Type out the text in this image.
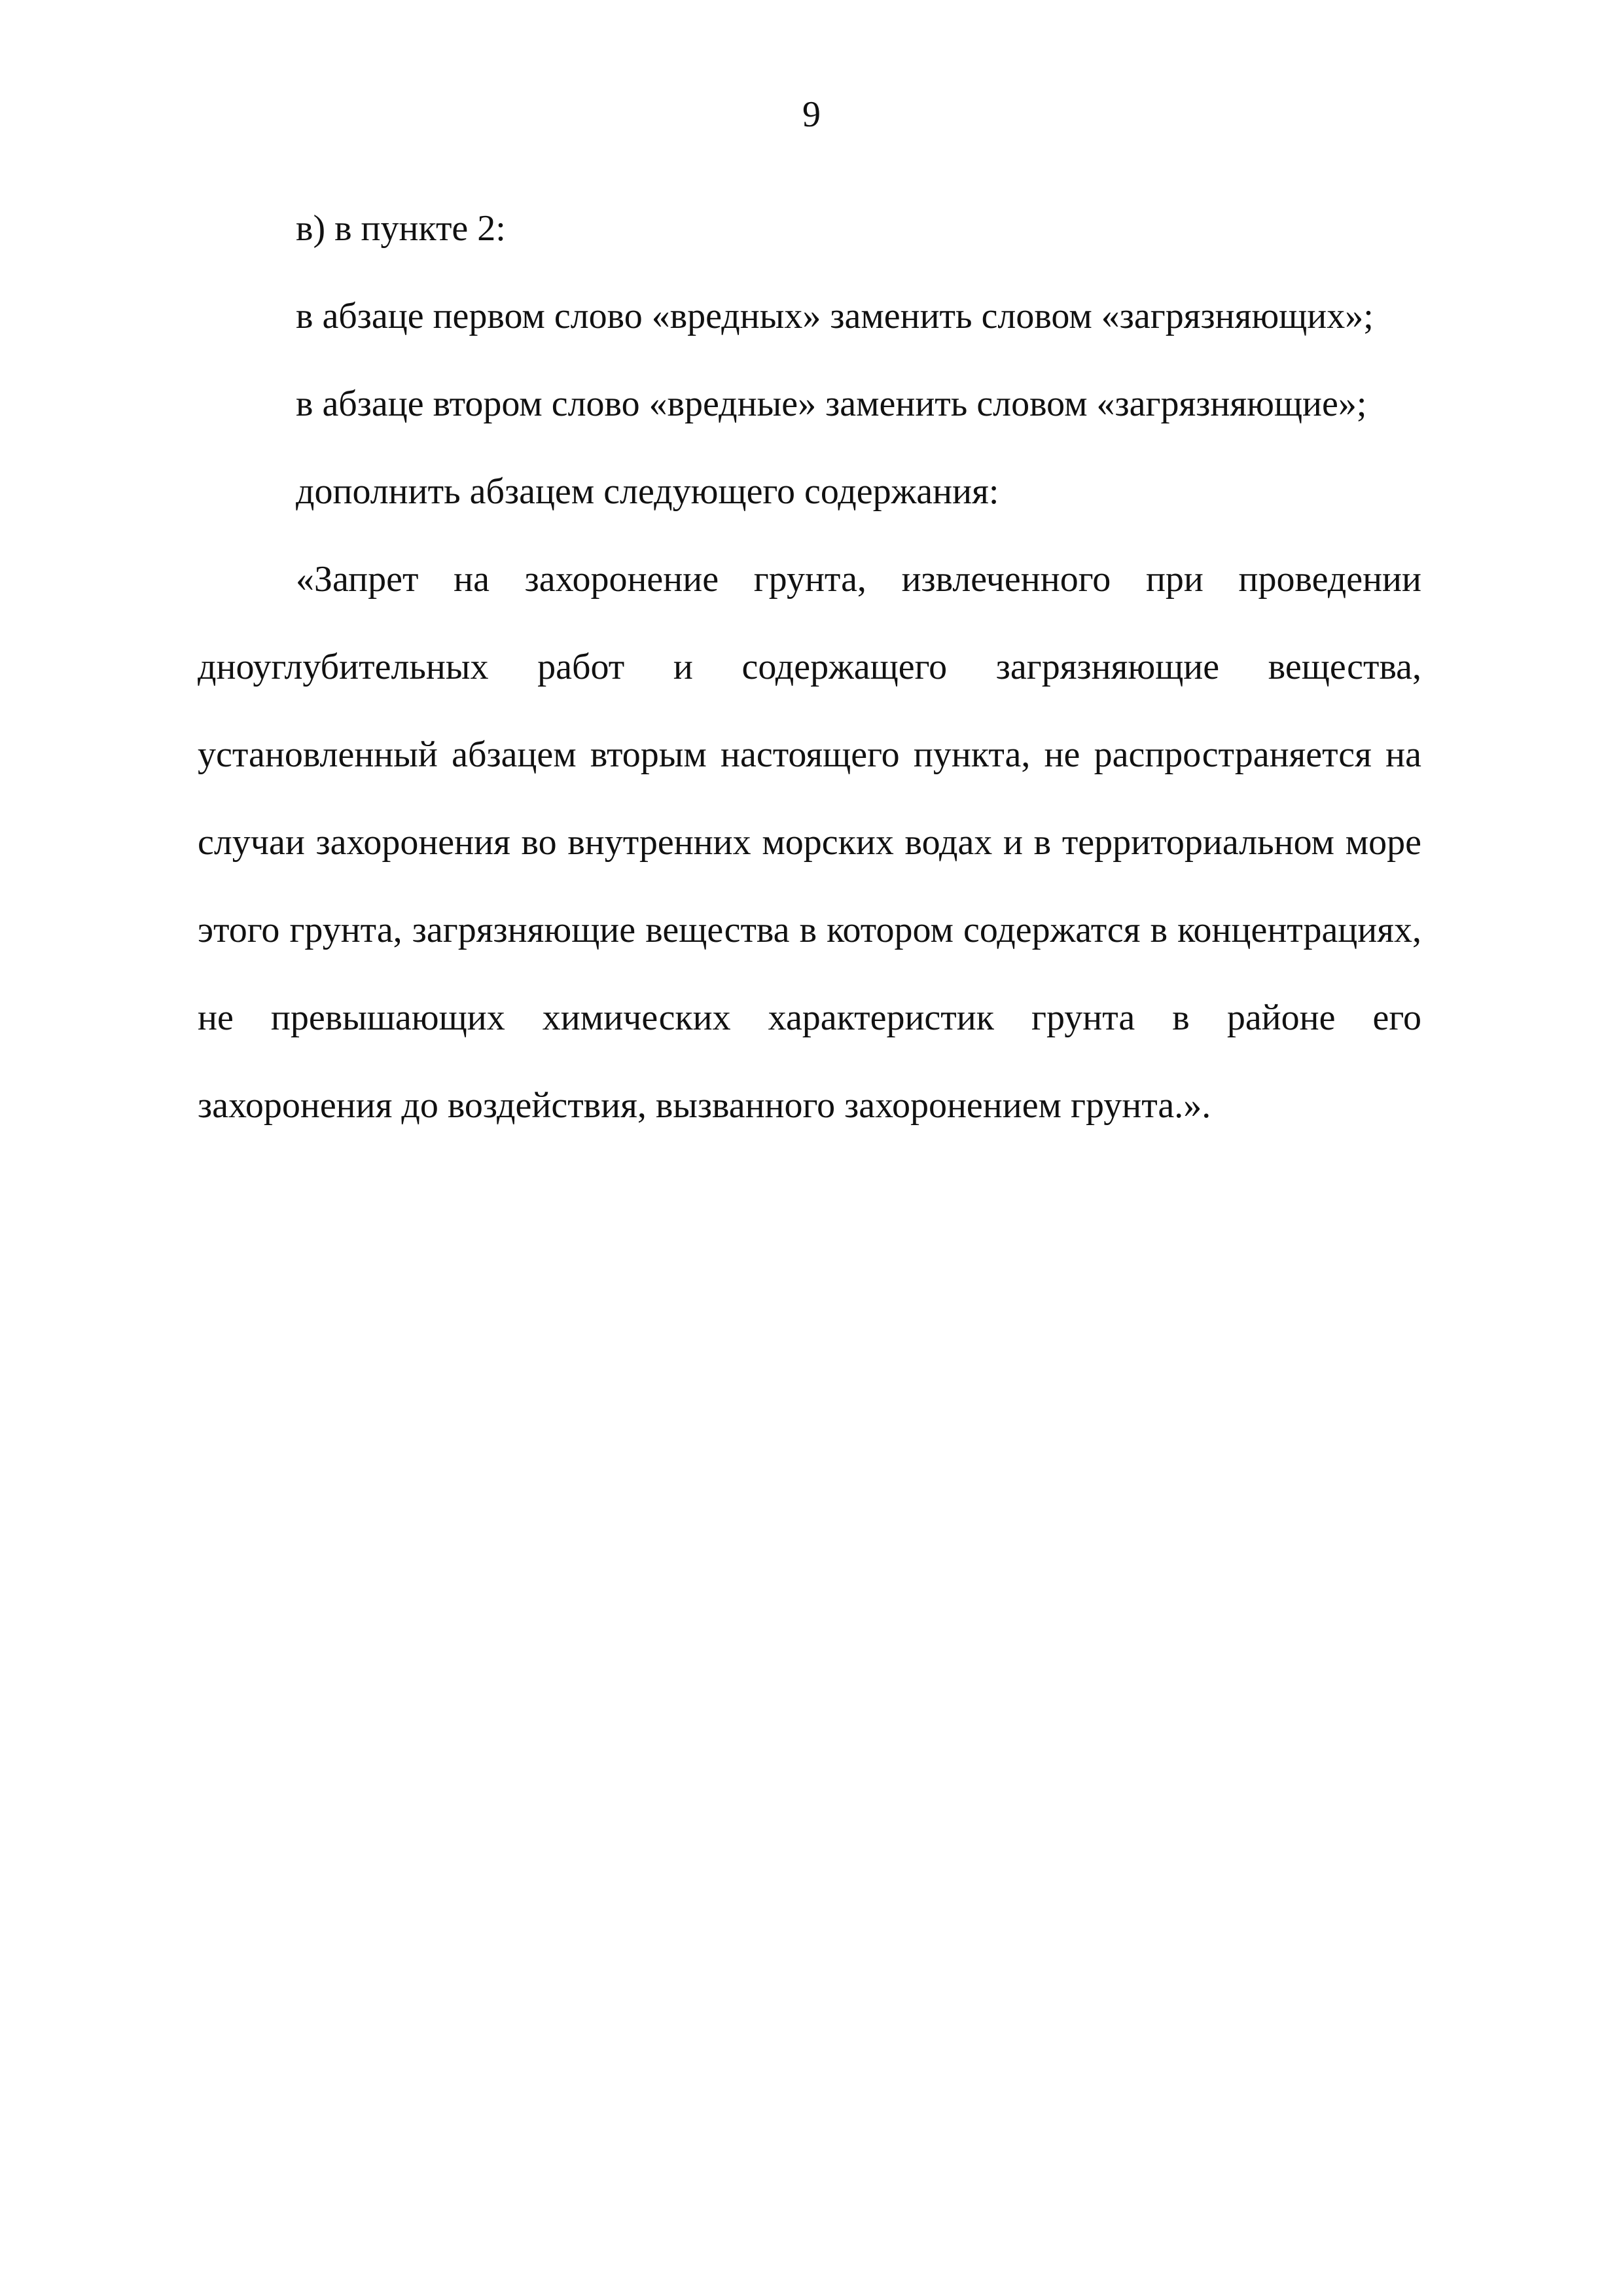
9

в) в пункте 2:

в абзаце первом слово «вредных» заменить словом «загрязняющих»;

в абзаце втором слово «вредные» заменить словом «загрязняющие»;

дополнить абзацем следующего содержания:

«Запрет на захоронение грунта, извлеченного при проведении дноуглубительных работ и содержащего загрязняющие вещества, установленный абзацем вторым настоящего пункта, не распространяется на случаи захоронения во внутренних морских водах и в территориальном море этого грунта, загрязняющие вещества в котором содержатся в концентрациях, не превышающих химических характеристик грунта в районе его захоронения до воздействия, вызванного захоронением грунта.».
